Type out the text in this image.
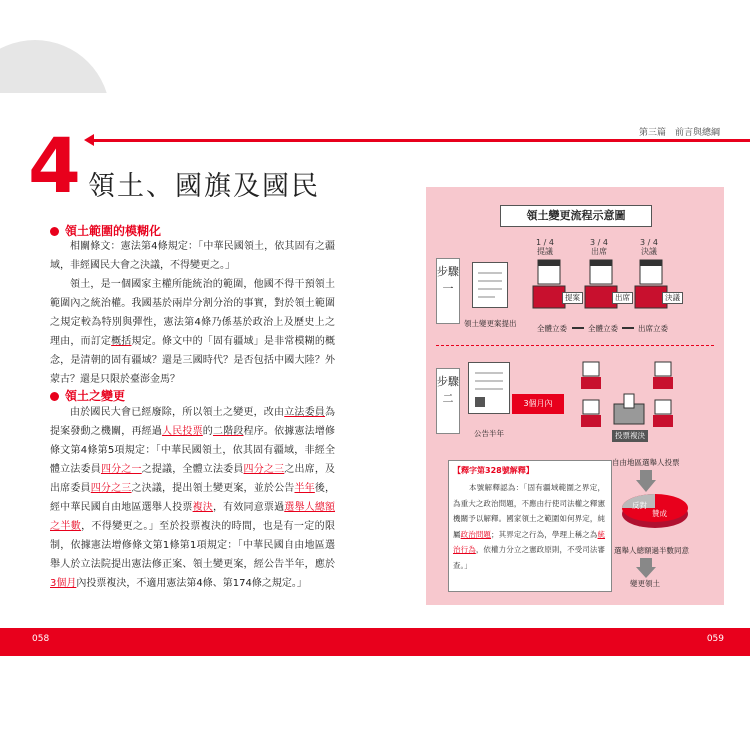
4 領土、國旗及國民
第三篇　前言與總綱
領土範圍的模糊化

相關條文：憲法第4條規定：「中華民國領土，依其固有之疆域，非經國民大會之決議，不得變更之。」

領土，是一個國家主權所能統治的範圍，他國不得干預領土範圍內之統治權。我國基於兩岸分割分治的事實，對於領土範圍之規定較為特別與彈性，憲法第4條乃係基於政治上及歷史上之理由，而訂定概括規定。條文中的「固有疆域」是非常模糊的概念，是清朝的固有疆域？還是三國時代？是否包括中國大陸？外蒙古？還是只限於臺澎金馬？

領土之變更

由於國民大會已經廢除，所以領土之變更，改由立法委員為提案發動之機關，再經過人民投票的二階段程序。依據憲法增修條文第4條第5項規定：「中華民國領土，依其固有疆域，非經全體立法委員四分之一之提議，全體立法委員四分之三之出席，及出席委員四分之三之決議，提出領土變更案，並於公告半年後，經中華民國自由地區選舉人投票複決，有效同意票過選舉人總額之半數，不得變更之。」至於投票複決的時間，也是有一定的限制，依據憲法增修條文第1條第1項規定：「中華民國自由地區選舉人於立法院提出憲法修正案、領土變更案，經公告半年，應於3個月內投票複決，不適用憲法第4條、第174條之規定。」

領土變更流程示意圖
步驟一
步驟二
1 / 4
提議
3 / 4
出席
3 / 4
決議
提案	出席	決議
領土變更案提出
全體立委	全體立委	出席立委
公告半年
3個月內
投票複決
自由地區選舉人投票
反對
贊成
選舉人總額過半數同意
變更領土
【釋字第328號解釋】

本號解釋認為：「固有疆域範圍之界定，為重大之政治問題，不應由行使司法權之釋憲機關予以解釋。國家領土之範圍如何界定，純屬政治問題；其界定之行為，學理上稱之為統治行為，依權力分立之憲政原則，不受司法審查。」

058	059
